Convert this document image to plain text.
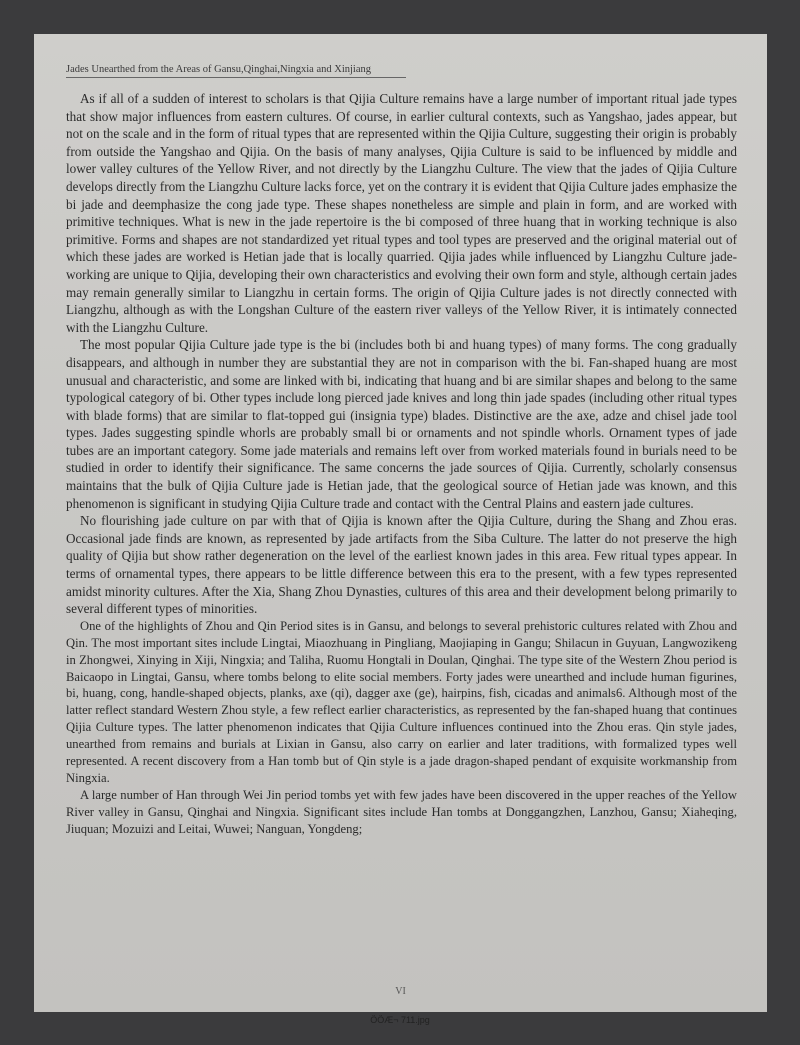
Jades Unearthed from the Areas of Gansu,Qinghai,Ningxia and Xinjiang

As if all of a sudden of interest to scholars is that Qijia Culture remains have a large number of important ritual jade types that show major influences from eastern cultures. Of course, in earlier cultural contexts, such as Yangshao, jades appear, but not on the scale and in the form of ritual types that are represented within the Qijia Culture, suggesting their origin is probably from outside the Yangshao and Qijia. On the basis of many analyses, Qijia Culture is said to be influenced by middle and lower valley cultures of the Yellow River, and not directly by the Liangzhu Culture. The view that the jades of Qijia Culture develops directly from the Liangzhu Culture lacks force, yet on the contrary it is evident that Qijia Culture jades emphasize the bi jade and deemphasize the cong jade type. These shapes nonetheless are simple and plain in form, and are worked with primitive techniques. What is new in the jade repertoire is the bi composed of three huang that in working technique is also primitive. Forms and shapes are not standardized yet ritual types and tool types are preserved and the original material out of which these jades are worked is Hetian jade that is locally quarried. Qijia jades while influenced by Liangzhu Culture jade-working are unique to Qijia, developing their own characteristics and evolving their own form and style, although certain jades may remain generally similar to Liangzhu in certain forms. The origin of Qijia Culture jades is not directly connected with Liangzhu, although as with the Longshan Culture of the eastern river valleys of the Yellow River, it is intimately connected with the Liangzhu Culture.

The most popular Qijia Culture jade type is the bi (includes both bi and huang types) of many forms. The cong gradually disappears, and although in number they are substantial they are not in comparison with the bi. Fan-shaped huang are most unusual and characteristic, and some are linked with bi, indicating that huang and bi are similar shapes and belong to the same typological category of bi. Other types include long pierced jade knives and long thin jade spades (including other ritual types with blade forms) that are similar to flat-topped gui (insignia type) blades. Distinctive are the axe, adze and chisel jade tool types. Jades suggesting spindle whorls are probably small bi or ornaments and not spindle whorls. Ornament types of jade tubes are an important category. Some jade materials and remains left over from worked materials found in burials need to be studied in order to identify their significance. The same concerns the jade sources of Qijia. Currently, scholarly consensus maintains that the bulk of Qijia Culture jade is Hetian jade, that the geological source of Hetian jade was known, and this phenomenon is significant in studying Qijia Culture trade and contact with the Central Plains and eastern jade cultures.

No flourishing jade culture on par with that of Qijia is known after the Qijia Culture, during the Shang and Zhou eras. Occasional jade finds are known, as represented by jade artifacts from the Siba Culture. The latter do not preserve the high quality of Qijia but show rather degeneration on the level of the earliest known jades in this area. Few ritual types appear. In terms of ornamental types, there appears to be little difference between this era to the present, with a few types represented amidst minority cultures. After the Xia, Shang Zhou Dynasties, cultures of this area and their development belong primarily to several different types of minorities.

One of the highlights of Zhou and Qin Period sites is in Gansu, and belongs to several prehistoric cultures related with Zhou and Qin. The most important sites include Lingtai, Miaozhuang in Pingliang, Maojiaping in Gangu; Shilacun in Guyuan, Langwozikeng in Zhongwei, Xinying in Xiji, Ningxia; and Taliha, Ruomu Hongtali in Doulan, Qinghai. The type site of the Western Zhou period is Baicaopo in Lingtai, Gansu, where tombs belong to elite social members. Forty jades were unearthed and include human figurines, bi, huang, cong, handle-shaped objects, planks, axe (qi), dagger axe (ge), hairpins, fish, cicadas and animals6. Although most of the latter reflect standard Western Zhou style, a few reflect earlier characteristics, as represented by the fan-shaped huang that continues Qijia Culture types. The latter phenomenon indicates that Qijia Culture influences continued into the Zhou eras. Qin style jades, unearthed from remains and burials at Lixian in Gansu, also carry on earlier and later traditions, with formalized types well represented. A recent discovery from a Han tomb but of Qin style is a jade dragon-shaped pendant of exquisite workmanship from Ningxia.

A large number of Han through Wei Jin period tombs yet with few jades have been discovered in the upper reaches of the Yellow River valley in Gansu, Qinghai and Ningxia. Significant sites include Han tombs at Donggangzhen, Lanzhou, Gansu; Xiaheqing, Jiuquan; Mozuizi and Leitai, Wuwei; Nanguan, Yongdeng;

VI
ÖÖÆ¬ 711.jpg
